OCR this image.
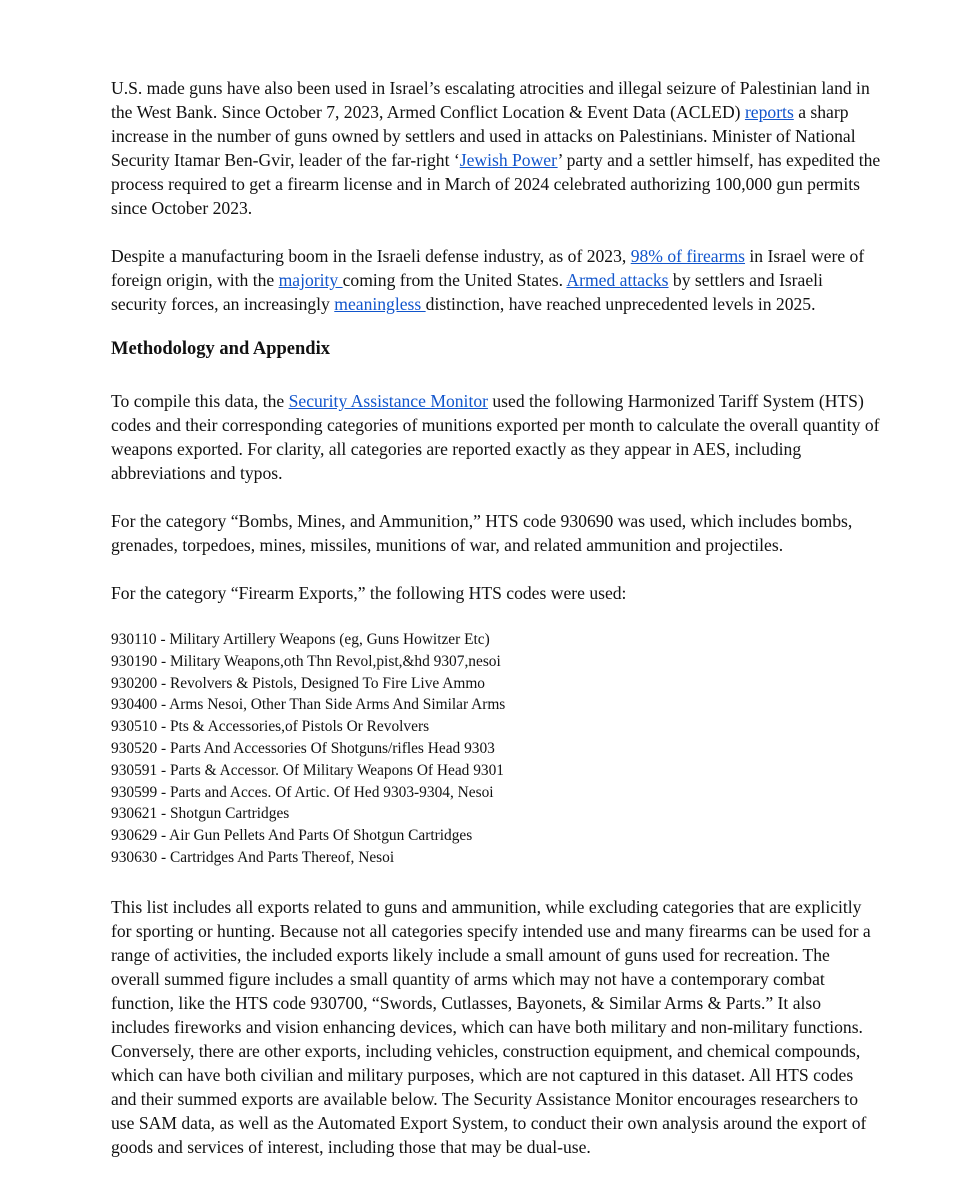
U.S. made guns have also been used in Israel’s escalating atrocities and illegal seizure of Palestinian land in the West Bank. Since October 7, 2023, Armed Conflict Location & Event Data (ACLED) reports a sharp increase in the number of guns owned by settlers and used in attacks on Palestinians. Minister of National Security Itamar Ben-Gvir, leader of the far-right ‘Jewish Power’ party and a settler himself, has expedited the process required to get a firearm license and in March of 2024 celebrated authorizing 100,000 gun permits since October 2023.

Despite a manufacturing boom in the Israeli defense industry, as of 2023, 98% of firearms in Israel were of foreign origin, with the majority coming from the United States. Armed attacks by settlers and Israeli security forces, an increasingly meaningless distinction, have reached unprecedented levels in 2025.

Methodology and Appendix

To compile this data, the Security Assistance Monitor used the following Harmonized Tariff System (HTS) codes and their corresponding categories of munitions exported per month to calculate the overall quantity of weapons exported. For clarity, all categories are reported exactly as they appear in AES, including abbreviations and typos.

For the category “Bombs, Mines, and Ammunition,” HTS code 930690 was used, which includes bombs, grenades, torpedoes, mines, missiles, munitions of war, and related ammunition and projectiles.

For the category “Firearm Exports,” the following HTS codes were used:

930110 - Military Artillery Weapons (eg, Guns Howitzer Etc)
930190 - Military Weapons,oth Thn Revol,pist,&hd 9307,nesoi
930200 - Revolvers & Pistols, Designed To Fire Live Ammo
930400 - Arms Nesoi, Other Than Side Arms And Similar Arms
930510 - Pts & Accessories,of Pistols Or Revolvers
930520 - Parts And Accessories Of Shotguns/rifles Head 9303
930591 - Parts & Accessor. Of Military Weapons Of Head 9301
930599 - Parts and Acces. Of Artic. Of Hed 9303-9304, Nesoi
930621 - Shotgun Cartridges
930629 - Air Gun Pellets And Parts Of Shotgun Cartridges
930630 - Cartridges And Parts Thereof, Nesoi

This list includes all exports related to guns and ammunition, while excluding categories that are explicitly for sporting or hunting. Because not all categories specify intended use and many firearms can be used for a range of activities, the included exports likely include a small amount of guns used for recreation. The overall summed figure includes a small quantity of arms which may not have a contemporary combat function, like the HTS code 930700, “Swords, Cutlasses, Bayonets, & Similar Arms & Parts.” It also includes fireworks and vision enhancing devices, which can have both military and non-military functions. Conversely, there are other exports, including vehicles, construction equipment, and chemical compounds, which can have both civilian and military purposes, which are not captured in this dataset. All HTS codes and their summed exports are available below. The Security Assistance Monitor encourages researchers to use SAM data, as well as the Automated Export System, to conduct their own analysis around the export of goods and services of interest, including those that may be dual-use.
